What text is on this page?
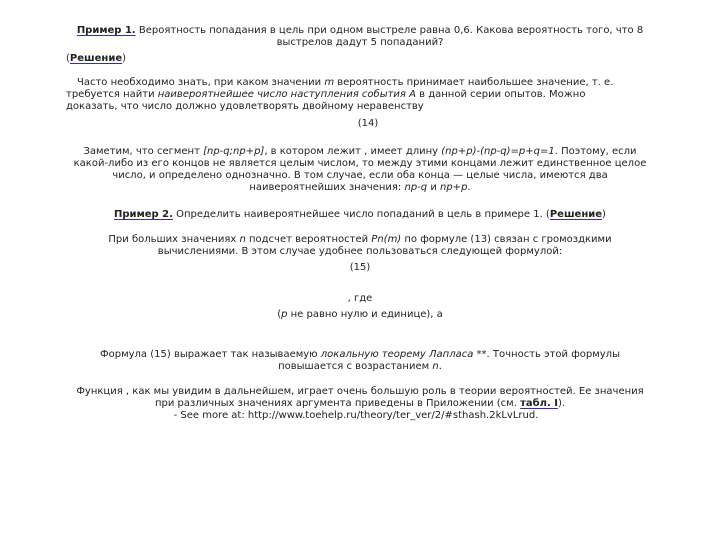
Пример 1. Вероятность попадания в цель при одном выстреле равна 0,6. Какова вероятность того, что 8
выстрелов дадут 5 попаданий?
(Решение)
Часто необходимо знать, при каком значении m вероятность принимает наибольшее значение, т. е.
требуется найти наивероятнейшее число наступления события А в данной серии опытов. Можно
доказать, что число должно удовлетворять двойному неравенству
(14)
Заметим, что сегмент [np-q;np+p], в котором лежит , имеет длину (np+p)-(np-q)=p+q=1. Поэтому, если
какой-либо из его концов не является целым числом, то между этими концами лежит единственное целое
число, и определено однозначно. В том случае, если оба конца — целые числа, имеются два
наивероятнейших значения: np-q и np+p.
Пример 2. Определить наивероятнейшее число попаданий в цель в примере 1. (Решение)
При больших значениях n подсчет вероятностей Pn(m) по формуле (13) связан с громоздкими
вычислениями. В этом случае удобнее пользоваться следующей формулой:
(15)
, где
(p не равно нулю и единице), а
Формула (15) выражает так называемую локальную теорему Лапласа **. Точность этой формулы
повышается с возрастанием n.
Функция , как мы увидим в дальнейшем, играет очень большую роль в теории вероятностей. Ее значения
при различных значениях аргумента приведены в Приложении (см. табл. I).
- See more at: http://www.toehelp.ru/theory/ter_ver/2/#sthash.2kLvLrud.
